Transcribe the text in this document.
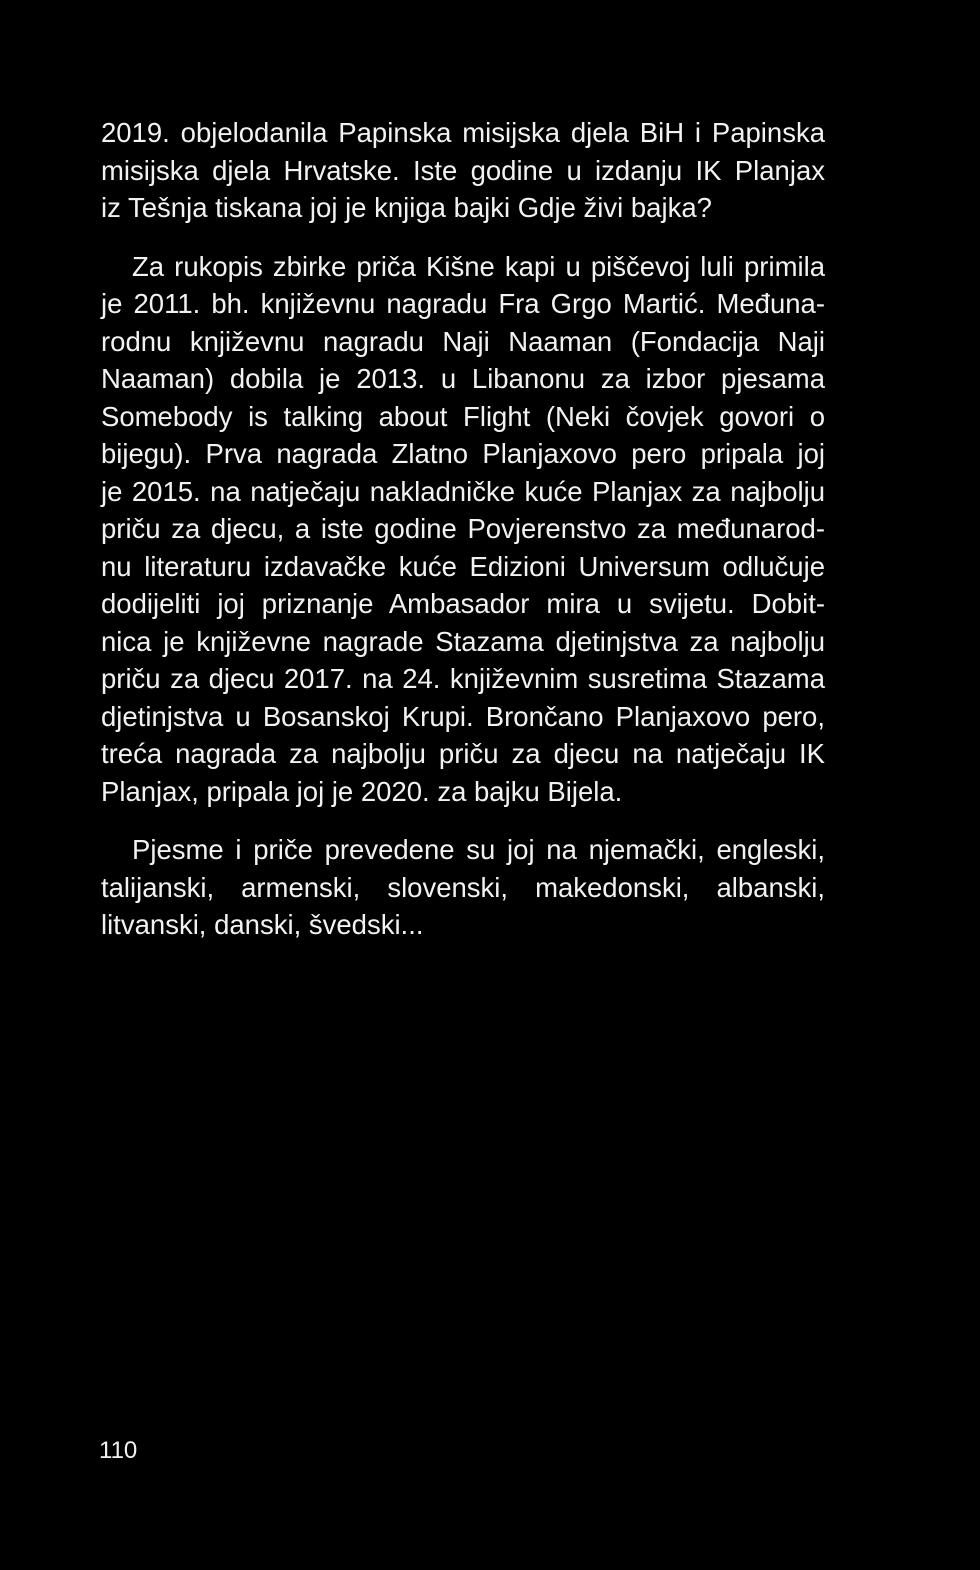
2019. objelodanila Papinska misijska djela BiH i Papinska
misijska djela Hrvatske. Iste godine u izdanju IK Planjax
iz Tešnja tiskana joj je knjiga bajki Gdje živi bajka?

Za rukopis zbirke priča Kišne kapi u piščevoj luli primila
je 2011. bh. književnu nagradu Fra Grgo Martić. Međuna-
rodnu književnu nagradu Naji Naaman (Fondacija Naji
Naaman) dobila je 2013. u Libanonu za izbor pjesama
Somebody is talking about Flight (Neki čovjek govori o
bijegu). Prva nagrada Zlatno Planjaxovo pero pripala joj
je 2015. na natječaju nakladničke kuće Planjax za najbolju
priču za djecu, a iste godine Povjerenstvo za međunarod-
nu literaturu izdavačke kuće Edizioni Universum odlučuje
dodijeliti joj priznanje Ambasador mira u svijetu. Dobit-
nica je književne nagrade Stazama djetinjstva za najbolju
priču za djecu 2017. na 24. književnim susretima Stazama
djetinjstva u Bosanskoj Krupi. Brončano Planjaxovo pero,
treća nagrada za najbolju priču za djecu na natječaju IK
Planjax, pripala joj je 2020. za bajku Bijela.

Pjesme i priče prevedene su joj na njemački, engleski,
talijanski, armenski, slovenski, makedonski, albanski,
litvanski, danski, švedski...

110
